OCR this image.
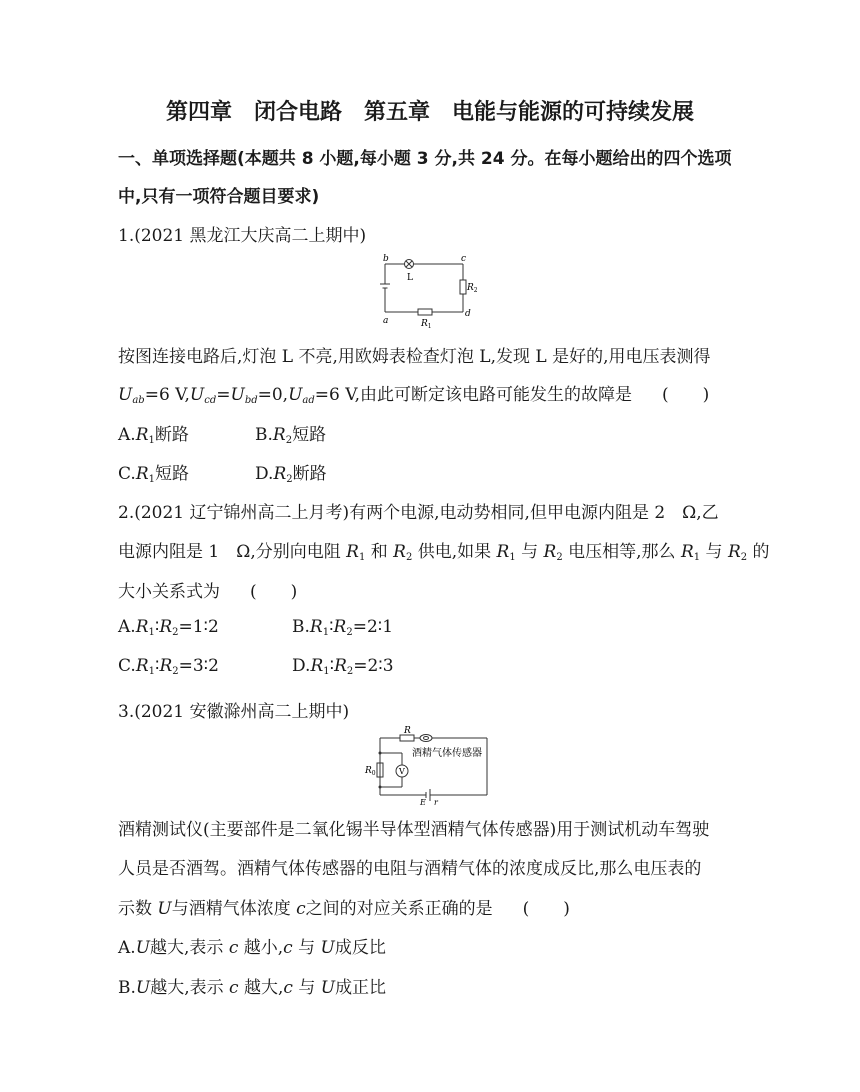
第四章　闭合电路　第五章　电能与能源的可持续发展
一、单项选择题(本题共 8 小题,每小题 3 分,共 24 分。在每小题给出的四个选项
中,只有一项符合题目要求)
1.(2021 黑龙江大庆高二上期中)
b	c
a
d
L
$R_2$
$R_1$
按图连接电路后,灯泡 L 不亮,用欧姆表检查灯泡 L,发现 L 是好的,用电压表测得
$U_{ab}=6$ $V,U_{cd}=U_{bd}=0,U_{ad}=6$ V,由此可断定该电路可能发生的故障是 (　　)
$A.R_1$断路	$B.R_2$短路
$C.R_1$短路	$D.R_2$断路
2.(2021 辽宁锦州高二上月考)有两个电源,电动势相同,但甲电源内阻是 2　Ω,乙
电源内阻是 1　Ω,分别向电阻 $R_1$ 和 $R_2$ 供电,如果 $R_1$ 与 $R_2$ 电压相等,那么 $R_1$ 与 $R_2$ 的
大小关系式为 (　　)
$A.R_1∶R_2=1∶2$	$B.R_1∶R_2=2∶1$
$C.R_1∶R_2=3∶2$	$D.R_1∶R_2=2∶3$
3.(2021 安徽滁州高二上期中)
R
酒精气体传感器
$R_0$	V
E r
酒精测试仪(主要部件是二氧化锡半导体型酒精气体传感器)用于测试机动车驾驶
人员是否酒驾。酒精气体传感器的电阻与酒精气体的浓度成反比,那么电压表的
示数 U与酒精气体浓度 c之间的对应关系正确的是 (　　)
A.U越大,表示 c 越小,c 与 U成反比
B.U越大,表示 c 越大,c 与 U成正比
